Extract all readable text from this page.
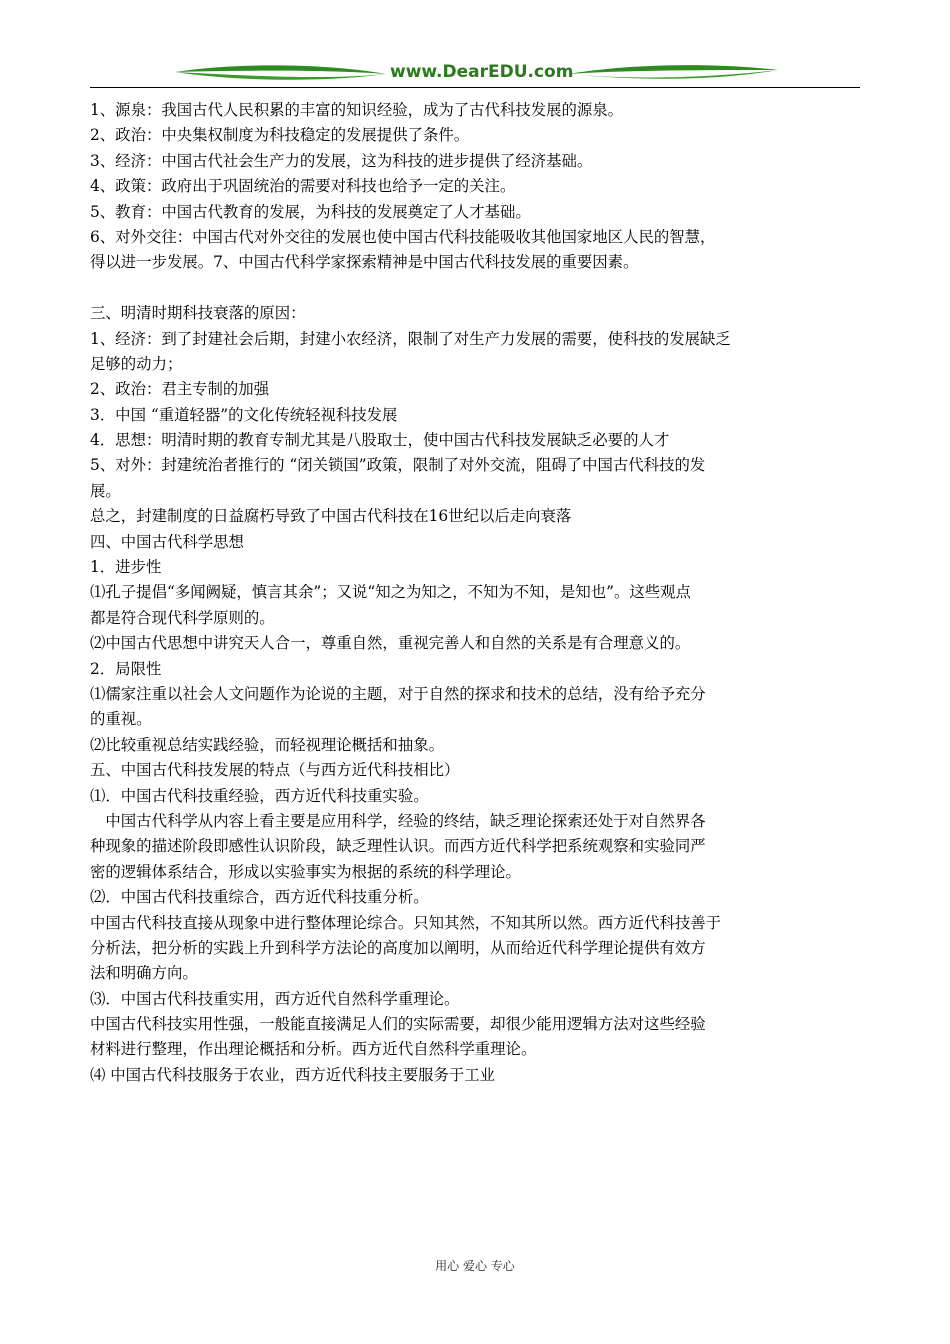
www.DearEDU.com
1、源泉：我国古代人民积累的丰富的知识经验，成为了古代科技发展的源泉。
2、政治：中央集权制度为科技稳定的发展提供了条件。
3、经济：中国古代社会生产力的发展，这为科技的进步提供了经济基础。
4、政策：政府出于巩固统治的需要对科技也给予一定的关注。
5、教育：中国古代教育的发展，为科技的发展奠定了人才基础。
6、对外交往：中国古代对外交往的发展也使中国古代科技能吸收其他国家地区人民的智慧，
得以进一步发展。7、中国古代科学家探索精神是中国古代科技发展的重要因素。
三、明清时期科技衰落的原因：
1、经济：到了封建社会后期，封建小农经济，限制了对生产力发展的需要，使科技的发展缺乏
足够的动力；
2、政治：君主专制的加强
3．中国 “重道轻器”的文化传统轻视科技发展
4．思想：明清时期的教育专制尤其是八股取士，使中国古代科技发展缺乏必要的人才
5、对外：封建统治者推行的 “闭关锁国”政策，限制了对外交流，阻碍了中国古代科技的发
展。
总之，封建制度的日益腐朽导致了中国古代科技在16世纪以后走向衰落
四、中国古代科学思想
1．进步性
⑴孔子提倡“多闻阙疑，慎言其余”；又说“知之为知之，不知为不知，是知也”。这些观点
都是符合现代科学原则的。
⑵中国古代思想中讲究天人合一，尊重自然，重视完善人和自然的关系是有合理意义的。
2．局限性
⑴儒家注重以社会人文问题作为论说的主题，对于自然的探求和技术的总结，没有给予充分
的重视。
⑵比较重视总结实践经验，而轻视理论概括和抽象。
五、中国古代科技发展的特点（与西方近代科技相比）
⑴．中国古代科技重经验，西方近代科技重实验。
　中国古代科学从内容上看主要是应用科学，经验的终结，缺乏理论探索还处于对自然界各
种现象的描述阶段即感性认识阶段，缺乏理性认识。而西方近代科学把系统观察和实验同严
密的逻辑体系结合，形成以实验事实为根据的系统的科学理论。
⑵．中国古代科技重综合，西方近代科技重分析。
中国古代科技直接从现象中进行整体理论综合。只知其然，不知其所以然。西方近代科技善于
分析法，把分析的实践上升到科学方法论的高度加以阐明，从而给近代科学理论提供有效方
法和明确方向。
⑶．中国古代科技重实用，西方近代自然科学重理论。
中国古代科技实用性强，一般能直接满足人们的实际需要，却很少能用逻辑方法对这些经验
材料进行整理，作出理论概括和分析。西方近代自然科学重理论。
⑷ 中国古代科技服务于农业，西方近代科技主要服务于工业
用心 爱心 专心
